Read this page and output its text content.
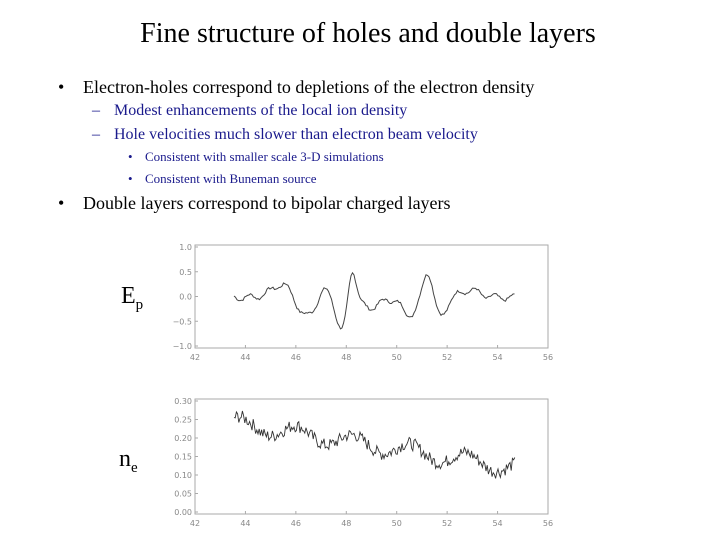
Fine structure of holes and double layers
• Electron-holes correspond to depletions of the electron density
– Modest enhancements of the local ion density
– Hole velocities much slower than electron beam velocity
• Consistent with smaller scale 3-D simulations
• Consistent with Buneman source
• Double layers correspond to bipolar charged layers
$E_p$
$n_e$
1.0
0.5
0.0
−0.5
−1.0
42	44	46	48	50	52	54	56
0.30
0.25
0.20
0.15
0.10
0.05
0.00
42	44	46	48	50	52	54	56
